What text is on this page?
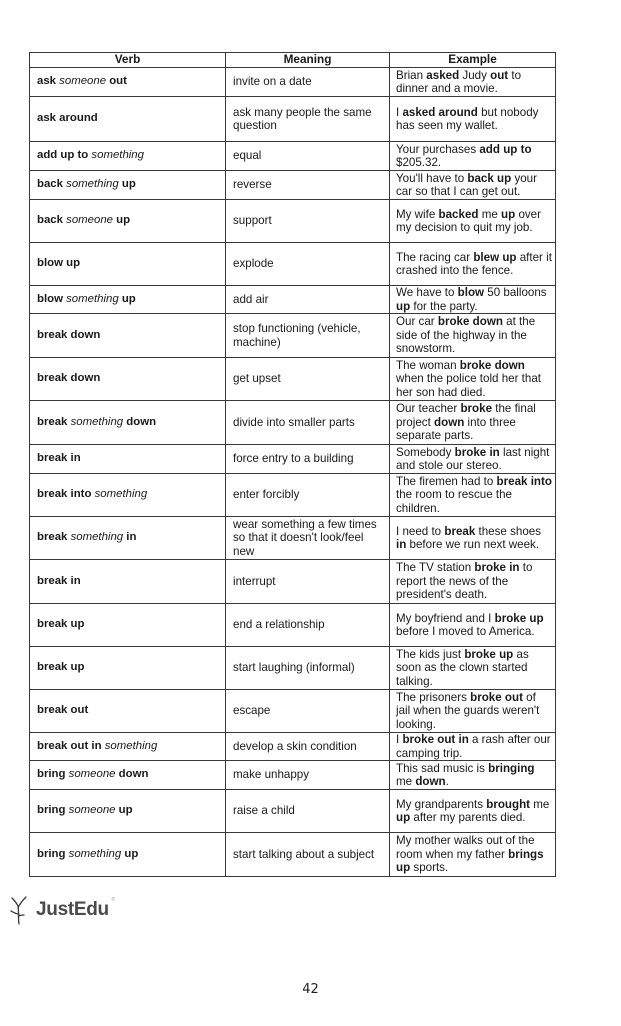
Verb	Meaning	Example
ask someone out	invite on a date	Brian asked Judy out to dinner and a movie.
ask around	ask many people the same question	I asked around but nobody has seen my wallet.
add up to something	equal	Your purchases add up to $205.32.
back something up	reverse	You'll have to back up your car so that I can get out.
back someone up	support	My wife backed me up over my decision to quit my job.
blow up	explode	The racing car blew up after it crashed into the fence.
blow something up	add air	We have to blow 50 balloons up for the party.
break down	stop functioning (vehicle, machine)	Our car broke down at the side of the highway in the snowstorm.
break down	get upset	The woman broke down when the police told her that her son had died.
break something down	divide into smaller parts	Our teacher broke the final project down into three separate parts.
break in	force entry to a building	Somebody broke in last night and stole our stereo.
break into something	enter forcibly	The firemen had to break into the room to rescue the children.
break something in	wear something a few times so that it doesn't look/feel new	I need to break these shoes in before we run next week.
break in	interrupt	The TV station broke in to report the news of the president's death.
break up	end a relationship	My boyfriend and I broke up before I moved to America.
break up	start laughing (informal)	The kids just broke up as soon as the clown started talking.
break out	escape	The prisoners broke out of jail when the guards weren't looking.
break out in something	develop a skin condition	I broke out in a rash after our camping trip.
bring someone down	make unhappy	This sad music is bringing me down.
bring someone up	raise a child	My grandparents brought me up after my parents died.
bring something up	start talking about a subject	My mother walks out of the room when my father brings up sports.
JustEdu ®
42
